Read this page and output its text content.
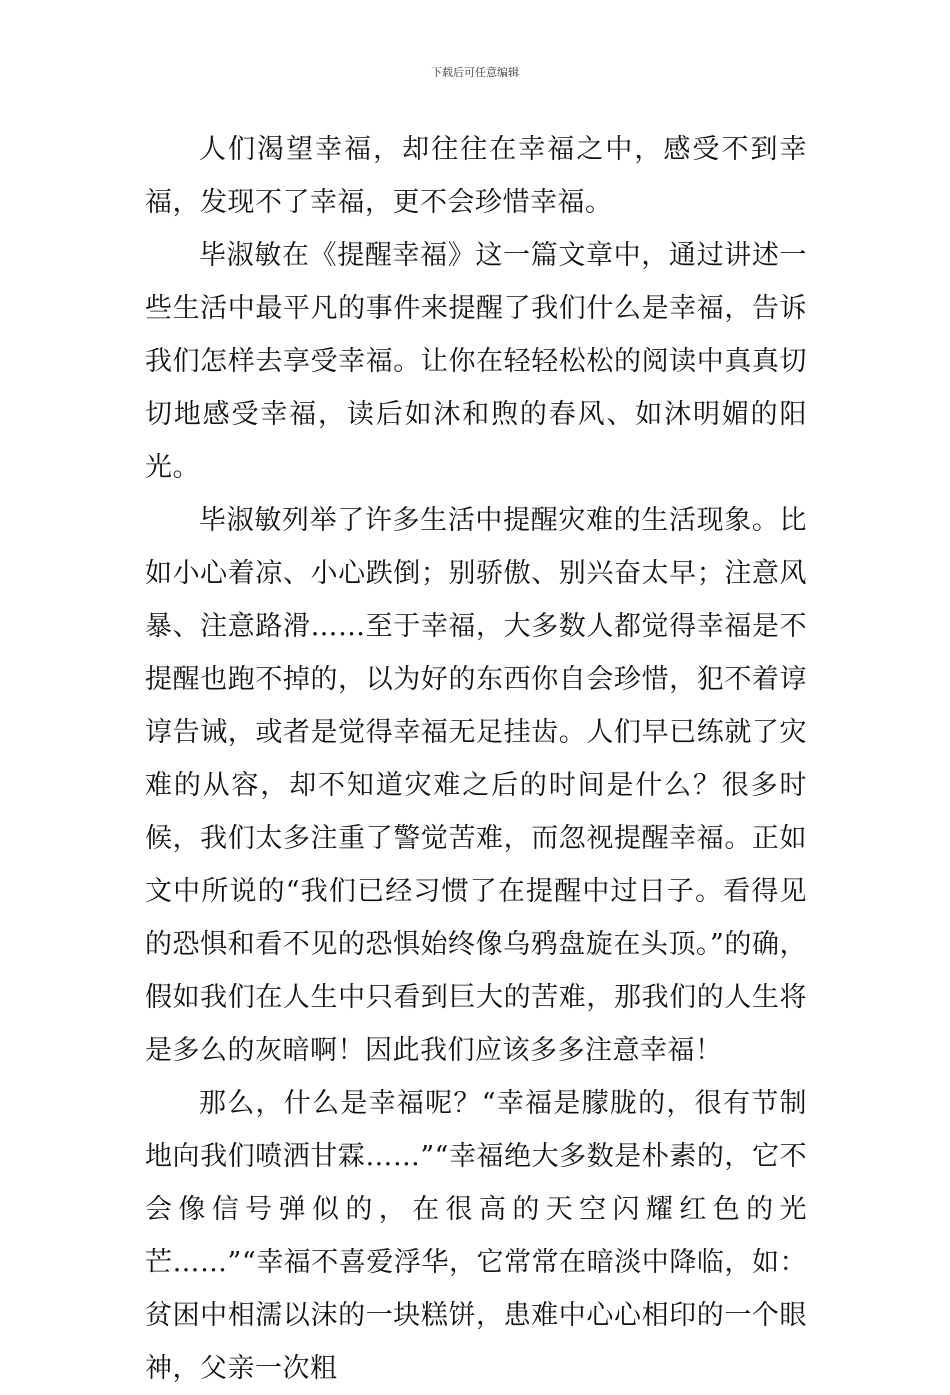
下载后可任意编辑

人们渴望幸福，却往往在幸福之中，感受不到幸福，发现不了幸福，更不会珍惜幸福。

毕淑敏在《提醒幸福》这一篇文章中，通过讲述一些生活中最平凡的事件来提醒了我们什么是幸福，告诉我们怎样去享受幸福。让你在轻轻松松的阅读中真真切切地感受幸福，读后如沐和煦的春风、如沐明媚的阳光。

毕淑敏列举了许多生活中提醒灾难的生活现象。比如小心着凉、小心跌倒；别骄傲、别兴奋太早；注意风暴、注意路滑……至于幸福，大多数人都觉得幸福是不提醒也跑不掉的，以为好的东西你自会珍惜，犯不着谆谆告诫，或者是觉得幸福无足挂齿。人们早已练就了灾难的从容，却不知道灾难之后的时间是什么？很多时候，我们太多注重了警觉苦难，而忽视提醒幸福。正如文中所说的“我们已经习惯了在提醒中过日子。看得见的恐惧和看不见的恐惧始终像乌鸦盘旋在头顶。”的确，假如我们在人生中只看到巨大的苦难，那我们的人生将是多么的灰暗啊！因此我们应该多多注意幸福！

那么，什么是幸福呢？“幸福是朦胧的，很有节制地向我们喷洒甘霖……”“幸福绝大多数是朴素的，它不会像信号弹似的，在很高的天空闪耀红色的光芒……”“幸福不喜爱浮华，它常常在暗淡中降临，如：贫困中相濡以沫的一块糕饼，患难中心心相印的一个眼神，父亲一次粗
